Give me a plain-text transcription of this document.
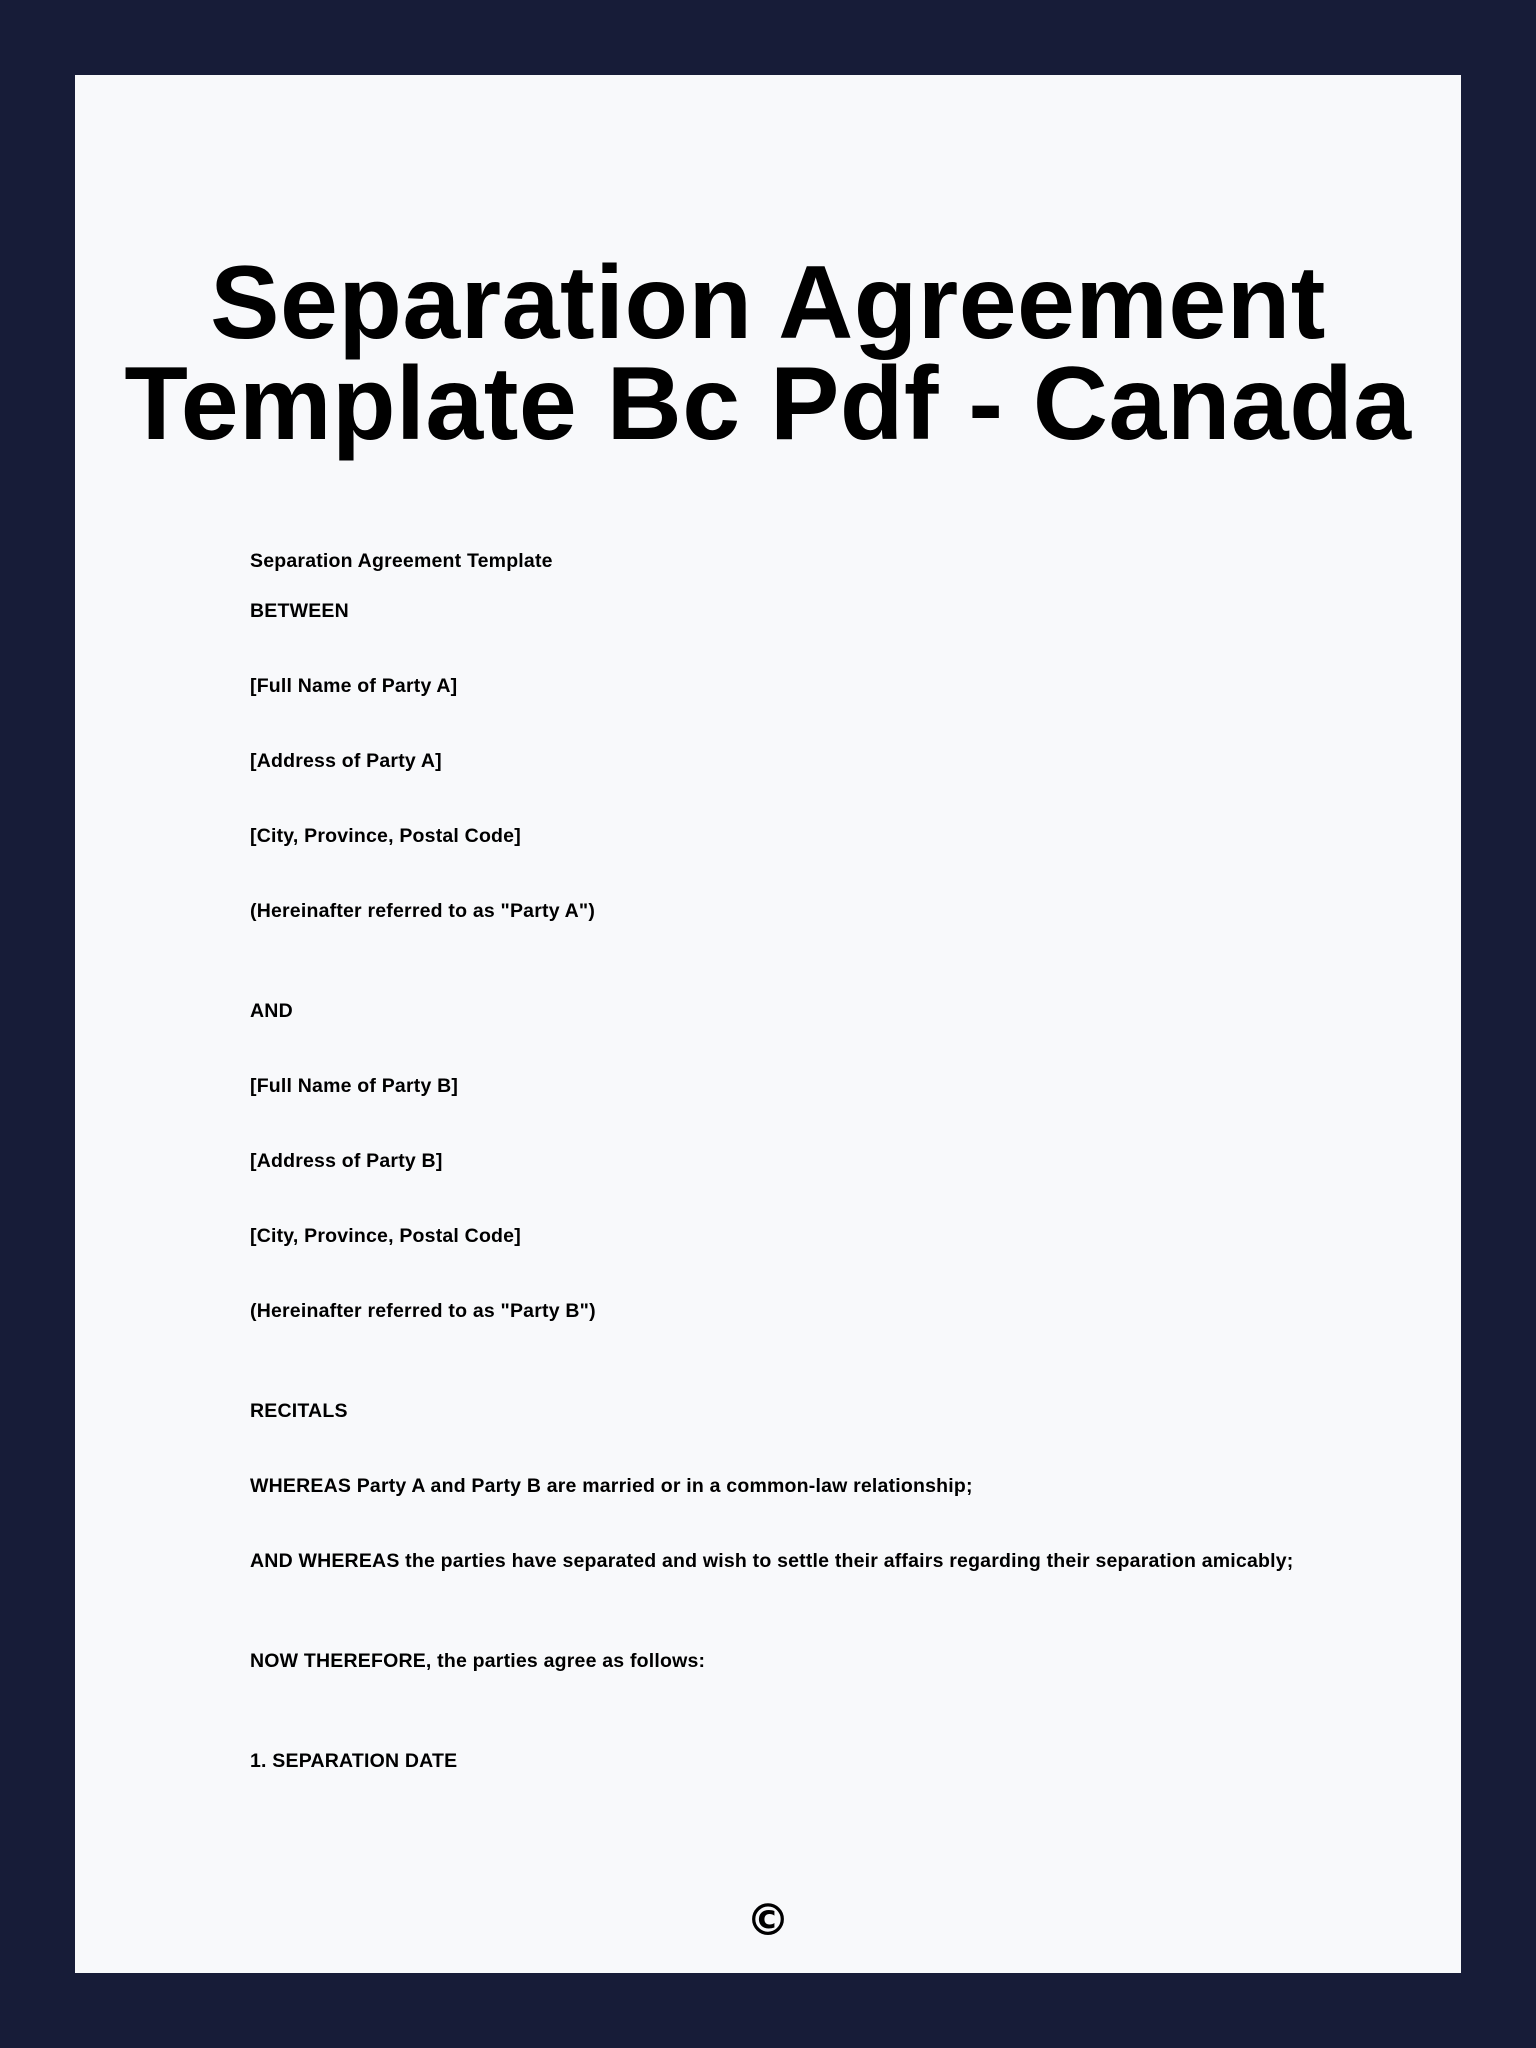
Separation Agreement
Template Bc Pdf - Canada

Separation Agreement Template

BETWEEN

[Full Name of Party A]

[Address of Party A]

[City, Province, Postal Code]

(Hereinafter referred to as "Party A")

AND

[Full Name of Party B]

[Address of Party B]

[City, Province, Postal Code]

(Hereinafter referred to as "Party B")

RECITALS

WHEREAS Party A and Party B are married or in a common-law relationship;

AND WHEREAS the parties have separated and wish to settle their affairs regarding their separation amicably;

NOW THEREFORE, the parties agree as follows:

1. SEPARATION DATE

©
